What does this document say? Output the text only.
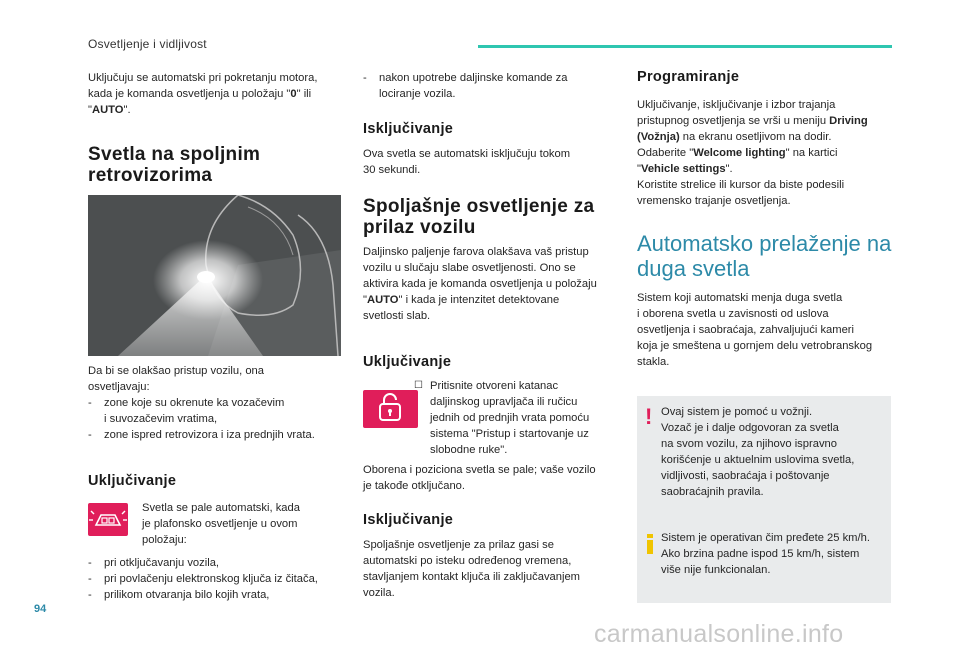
Osvetljenje i vidljivost

Uključuju se automatski pri pokretanju motora,
kada je komanda osvetljenja u položaju "0" ili
"AUTO".

Svetla na spoljnim
retrovizorima

Da bi se olakšao pristup vozilu, ona

osvetljavaju:

- zone koje su okrenute ka vozačevim
i suvozačevim vratima,

- zone ispred retrovizora i iza prednjih vrata.

Uključivanje

Svetla se pale automatski, kada

je plafonsko osvetljenje u ovom

položaju:

- pri otključavanju vozila,

- pri povlačenju elektronskog ključa iz čitača,

- prilikom otvaranja bilo kojih vrata,

- nakon upotrebe daljinske komande za
lociranje vozila.

Isključivanje

Ova svetla se automatski isključuju tokom

30 sekundi.

Spoljašnje osvetljenje za
prilaz vozilu

Daljinsko paljenje farova olakšava vaš pristup

vozilu u slučaju slabe osvetljenosti. Ono se

aktivira kada je komanda osvetljenja u položaju

"AUTO" i kada je intenzitet detektovane

svetlosti slab.

Uključivanje
☐ Pritisnite otvoreni katanac

daljinskog upravljača ili ručicu

jednih od prednjih vrata pomoću

sistema "Pristup i startovanje uz

slobodne ruke".

Oborena i poziciona svetla se pale; vaše vozilo

je takođe otključano.

Isključivanje

Spoljašnje osvetljenje za prilaz gasi se

automatski po isteku određenog vremena,

stavljanjem kontakt ključa ili zaključavanjem

vozila.

Programiranje

Uključivanje, isključivanje i izbor trajanja

pristupnog osvetljenja se vrši u meniju Driving

(Vožnja) na ekranu osetljivom na dodir.

Odaberite "Welcome lighting" na kartici

"Vehicle settings".

Koristite strelice ili kursor da biste podesili

vremensko trajanje osvetljenja.

Automatsko prelaženje na
duga svetla

Sistem koji automatski menja duga svetla

i oborena svetla u zavisnosti od uslova

osvetljenja i saobraćaja, zahvaljujući kameri

koja je smeštena u gornjem delu vetrobranskog

stakla.

! Ovaj sistem je pomoć u vožnji.

Vozač je i dalje odgovoran za svetla

na svom vozilu, za njihovo ispravno

korišćenje u aktuelnim uslovima svetla,

vidljivosti, saobraćaja i poštovanje

saobraćajnih pravila.

Sistem je operativan čim pređete 25 km/h.

Ako brzina padne ispod 15 km/h, sistem

više nije funkcionalan.

94
carmanualsonline.info
